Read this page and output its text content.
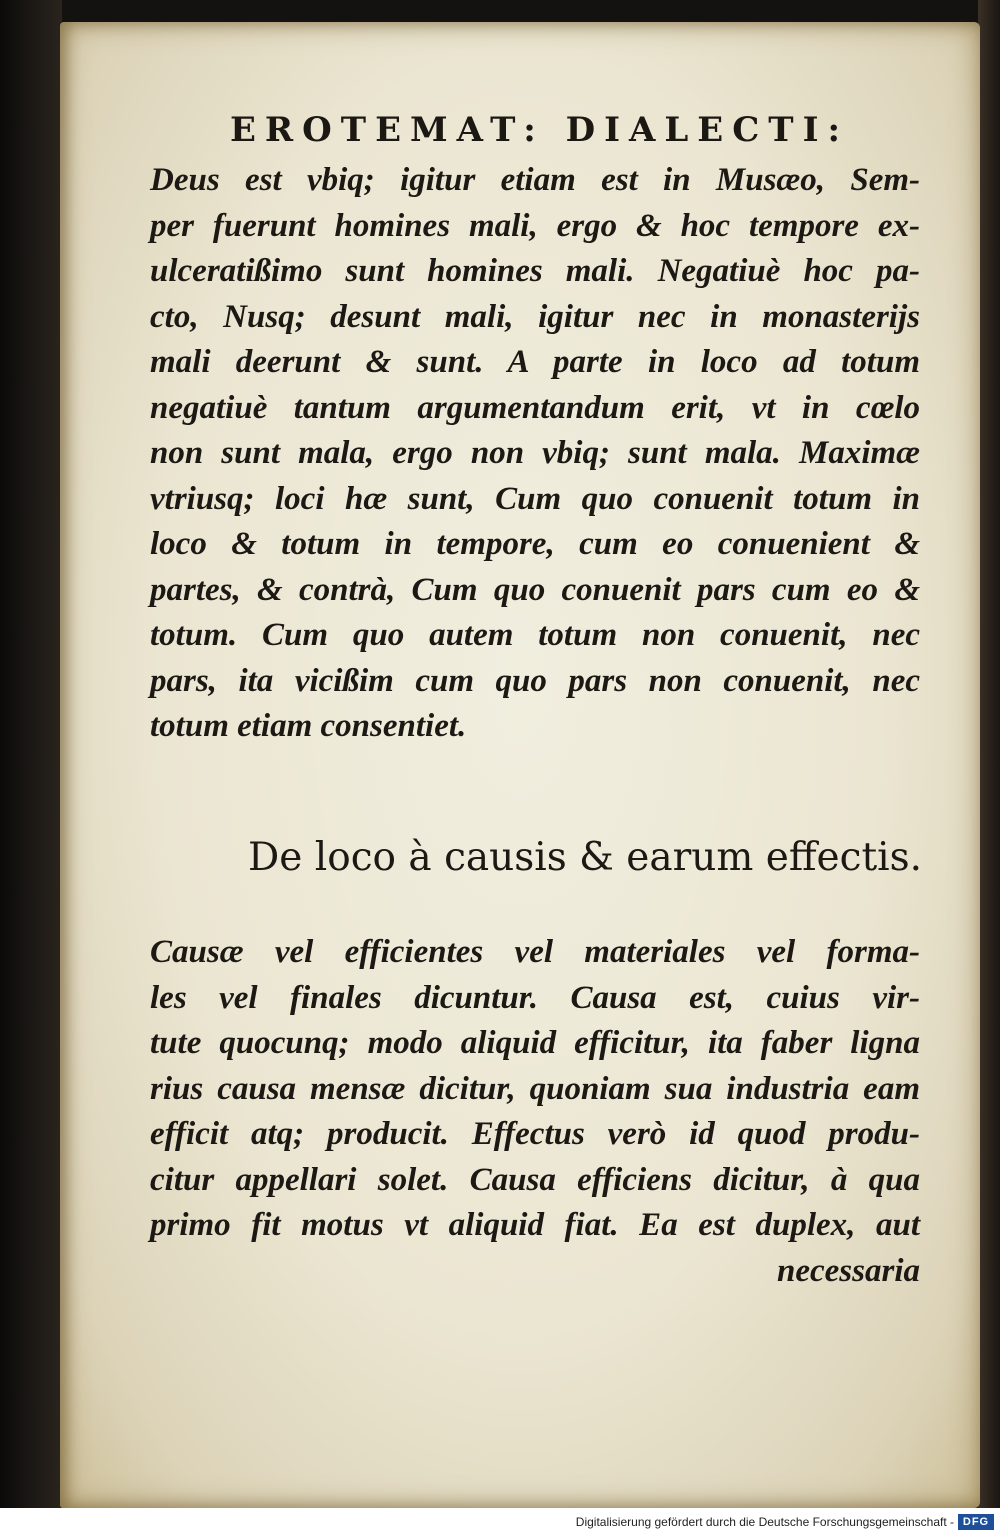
EROTEMAT: DIALECTI:
Deus est vbiq; igitur etiam est in Musæo, Sem-
per fuerunt homines mali, ergo & hoc tempore ex-
ulceratißimo sunt homines mali. Negatiuè hoc pa-
cto, Nusq; desunt mali, igitur nec in monasterijs
mali deerunt & sunt. A parte in loco ad totum
negatiuè tantum argumentandum erit, vt in cœlo
non sunt mala, ergo non vbiq; sunt mala. Maximæ
vtriusq; loci hæ sunt, Cum quo conuenit totum in
loco & totum in tempore, cum eo conuenient &
partes, & contrà, Cum quo conuenit pars cum eo &
totum. Cum quo autem totum non conuenit, nec
pars, ita vicißim cum quo pars non conuenit, nec
totum etiam consentiet.
De loco à causis & earum effectis.
Causæ vel efficientes vel materiales vel forma-
les vel finales dicuntur. Causa est, cuius vir-
tute quocunq; modo aliquid efficitur, ita faber ligna
rius causa mensæ dicitur, quoniam sua industria eam
efficit atq; producit. Effectus verò id quod produ-
citur appellari solet. Causa efficiens dicitur, à qua
primo fit motus vt aliquid fiat. Ea est duplex, aut
necessaria
Digitalisierung gefördert durch die Deutsche Forschungsgemeinschaft - DFG
